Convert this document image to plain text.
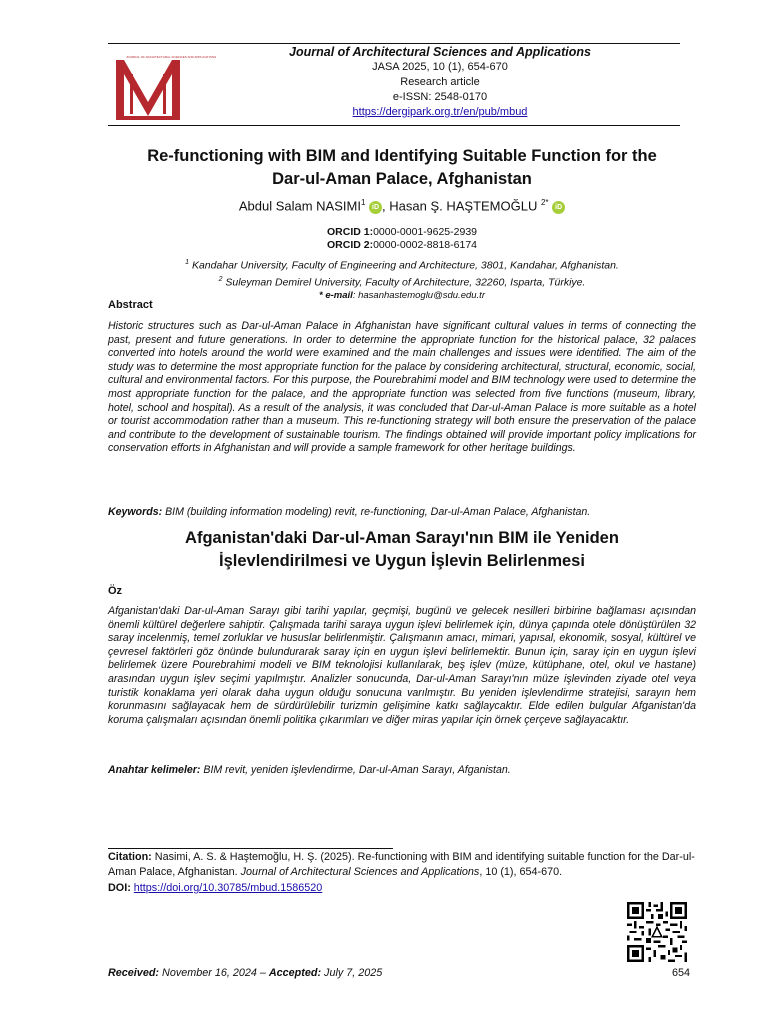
JOURNAL OF ARCHITECTURAL SCIENCES AND APPLICATIONS	Journal of Architectural Sciences and Applications
JASA 2025, 10 (1), 654-670
Research article
e-ISSN: 2548-0170
https://dergipark.org.tr/en/pub/mbud
Re-functioning with BIM and Identifying Suitable Function for the
Dar-ul-Aman Palace, Afghanistan
Abdul Salam NASIMI$^1$ iD , Hasan Ş. HAŞTEMOĞLU $^{2*}$ iD
ORCID 1:0000-0001-9625-2939
ORCID 2:0000-0002-8818-6174
$^1$ Kandahar University, Faculty of Engineering and Architecture, 3801, Kandahar, Afghanistan.
$^2$ Suleyman Demirel University, Faculty of Architecture, 32260, Isparta, Türkiye.
* e-mail: hasanhastemoglu@sdu.edu.tr
Abstract
Historic structures such as Dar-ul-Aman Palace in Afghanistan have significant cultural values in terms of connecting the past, present and future generations. In order to determine the appropriate function for the historical palace, 32 palaces converted into hotels around the world were examined and the main challenges and issues were identified. The aim of the study was to determine the most appropriate function for the palace by considering architectural, structural, economic, social, cultural and environmental factors. For this purpose, the Pourebrahimi model and BIM technology were used to determine the most appropriate function for the palace, and the appropriate function was selected from five functions (museum, library, hotel, school and hospital). As a result of the analysis, it was concluded that Dar-ul-Aman Palace is more suitable as a hotel or tourist accommodation rather than a museum. This re-functioning strategy will both ensure the preservation of the palace and contribute to the development of sustainable tourism. The findings obtained will provide important policy implications for conservation efforts in Afghanistan and will provide a sample framework for other heritage buildings.
Keywords: BIM (building information modeling) revit, re-functioning, Dar-ul-Aman Palace, Afghanistan.
Afganistan'daki Dar-ul-Aman Sarayı'nın BIM ile Yeniden
İşlevlendirilmesi ve Uygun İşlevin Belirlenmesi
Öz
Afganistan'daki Dar-ul-Aman Sarayı gibi tarihi yapılar, geçmişi, bugünü ve gelecek nesilleri birbirine bağlaması açısından önemli kültürel değerlere sahiptir. Çalışmada tarihi saraya uygun işlevi belirlemek için, dünya çapında otele dönüştürülen 32 saray incelenmiş, temel zorluklar ve hususlar belirlenmiştir. Çalışmanın amacı, mimari, yapısal, ekonomik, sosyal, kültürel ve çevresel faktörleri göz önünde bulundurarak saray için en uygun işlevi belirlemektir. Bunun için, saray için en uygun işlevi belirlemek üzere Pourebrahimi modeli ve BIM teknolojisi kullanılarak, beş işlev (müze, kütüphane, otel, okul ve hastane) arasından uygun işlev seçimi yapılmıştır. Analizler sonucunda, Dar-ul-Aman Sarayı'nın müze işlevinden ziyade otel veya turistik konaklama yeri olarak daha uygun olduğu sonucuna varılmıştır. Bu yeniden işlevlendirme stratejisi, sarayın hem korunmasını sağlayacak hem de sürdürülebilir turizmin gelişimine katkı sağlaycaktır. Elde edilen bulgular Afganistan'da koruma çalışmaları açısından önemli politika çıkarımları ve diğer miras yapılar için örnek çerçeve sağlayacaktır.
Anahtar kelimeler: BIM revit, yeniden işlevlendirme, Dar-ul-Aman Sarayı, Afganistan.
Citation: Nasimi, A. S. & Haştemoğlu, H. Ş. (2025). Re-functioning with BIM and identifying suitable function for the Dar-ul-Aman Palace, Afghanistan. Journal of Architectural Sciences and Applications, 10 (1), 654-670.
DOI: https://doi.org/10.30785/mbud.1586520
Received: November 16, 2024 – Accepted: July 7, 2025	654
